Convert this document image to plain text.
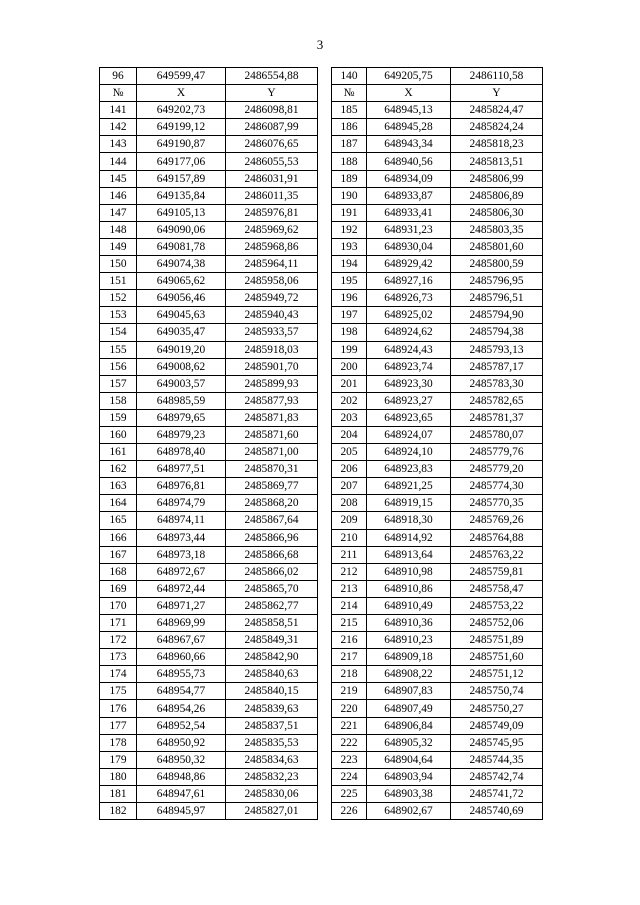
3
96	649599,47	2486554,88
№	X	Y
141	649202,73	2486098,81
142	649199,12	2486087,99
143	649190,87	2486076,65
144	649177,06	2486055,53
145	649157,89	2486031,91
146	649135,84	2486011,35
147	649105,13	2485976,81
148	649090,06	2485969,62
149	649081,78	2485968,86
150	649074,38	2485964,11
151	649065,62	2485958,06
152	649056,46	2485949,72
153	649045,63	2485940,43
154	649035,47	2485933,57
155	649019,20	2485918,03
156	649008,62	2485901,70
157	649003,57	2485899,93
158	648985,59	2485877,93
159	648979,65	2485871,83
160	648979,23	2485871,60
161	648978,40	2485871,00
162	648977,51	2485870,31
163	648976,81	2485869,77
164	648974,79	2485868,20
165	648974,11	2485867,64
166	648973,44	2485866,96
167	648973,18	2485866,68
168	648972,67	2485866,02
169	648972,44	2485865,70
170	648971,27	2485862,77
171	648969,99	2485858,51
172	648967,67	2485849,31
173	648960,66	2485842,90
174	648955,73	2485840,63
175	648954,77	2485840,15
176	648954,26	2485839,63
177	648952,54	2485837,51
178	648950,92	2485835,53
179	648950,32	2485834,63
180	648948,86	2485832,23
181	648947,61	2485830,06
182	648945,97	2485827,01
140	649205,75	2486110,58
№	X	Y
185	648945,13	2485824,47
186	648945,28	2485824,24
187	648943,34	2485818,23
188	648940,56	2485813,51
189	648934,09	2485806,99
190	648933,87	2485806,89
191	648933,41	2485806,30
192	648931,23	2485803,35
193	648930,04	2485801,60
194	648929,42	2485800,59
195	648927,16	2485796,95
196	648926,73	2485796,51
197	648925,02	2485794,90
198	648924,62	2485794,38
199	648924,43	2485793,13
200	648923,74	2485787,17
201	648923,30	2485783,30
202	648923,27	2485782,65
203	648923,65	2485781,37
204	648924,07	2485780,07
205	648924,10	2485779,76
206	648923,83	2485779,20
207	648921,25	2485774,30
208	648919,15	2485770,35
209	648918,30	2485769,26
210	648914,92	2485764,88
211	648913,64	2485763,22
212	648910,98	2485759,81
213	648910,86	2485758,47
214	648910,49	2485753,22
215	648910,36	2485752,06
216	648910,23	2485751,89
217	648909,18	2485751,60
218	648908,22	2485751,12
219	648907,83	2485750,74
220	648907,49	2485750,27
221	648906,84	2485749,09
222	648905,32	2485745,95
223	648904,64	2485744,35
224	648903,94	2485742,74
225	648903,38	2485741,72
226	648902,67	2485740,69
